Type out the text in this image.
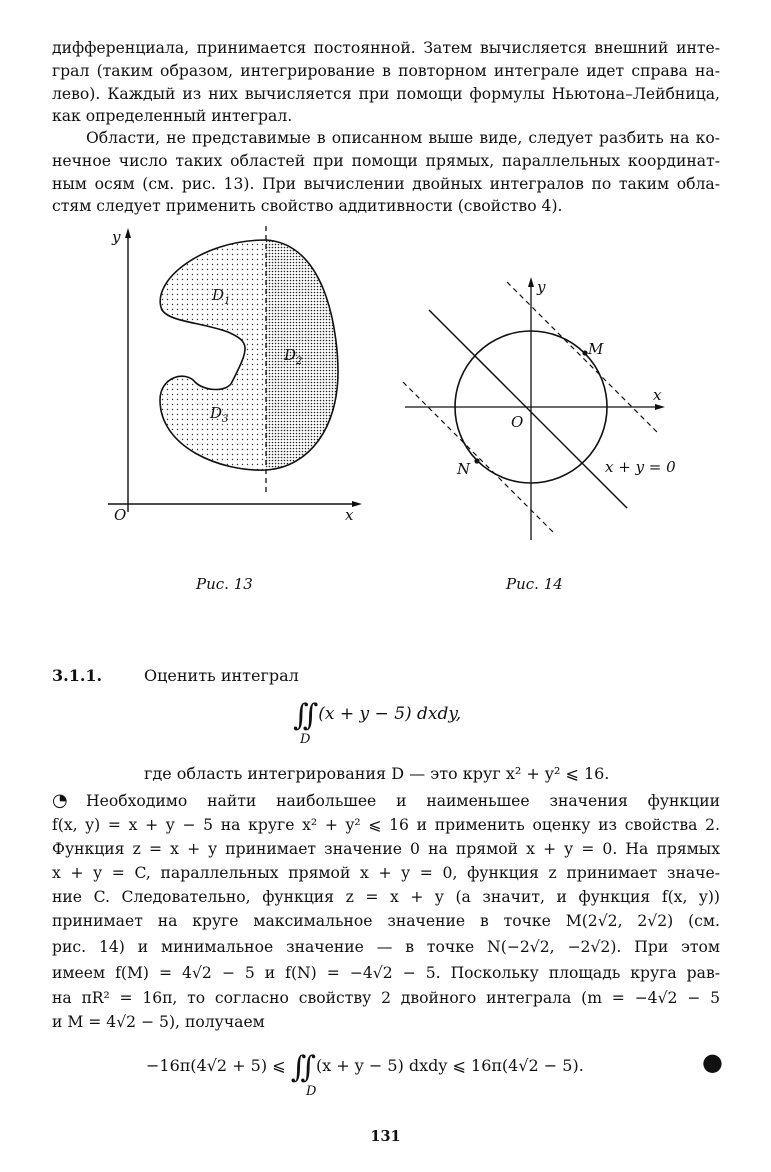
дифференциала, принимается постоянной. Затем вычисляется внешний инте-
грал (таким образом, интегрирование в повторном интеграле идет справа на-
лево). Каждый из них вычисляется при помощи формулы Ньютона–Лейбница,
как определенный интеграл.
Области, не представимые в описанном выше виде, следует разбить на ко-
нечное число таких областей при помощи прямых, параллельных координат-
ным осям (см. рис. 13). При вычислении двойных интегралов по таким обла-
стям следует применить свойство аддитивности (свойство 4).
y
x
O
$D_1$
$D_2$
$D_3$
y
x
O
M
N	x + y = 0
Рис. 13	Рис. 14
3.1.1.	Оценить интеграл
∫∫ (x + y − 5) dxdy,
D
где область интегрирования D — это круг x² + y² ⩽ 16.
◔ Необходимо найти наибольшее и наименьшее значения функции
f(x, y) = x + y − 5 на круге x² + y² ⩽ 16 и применить оценку из свойства 2.
Функция z = x + y принимает значение 0 на прямой x + y = 0. На прямых
x + y = C, параллельных прямой x + y = 0, функция z принимает значе-
ние C. Следовательно, функция z = x + y (а значит, и функция f(x, y))
принимает на круге максимальное значение в точке M(2√2, 2√2) (см.
рис. 14) и минимальное значение — в точке N(−2√2, −2√2). При этом
имеем f(M) = 4√2 − 5 и f(N) = −4√2 − 5. Поскольку площадь круга рав-
на πR² = 16π, то согласно свойству 2 двойного интеграла (m = −4√2 − 5
и M = 4√2 − 5), получаем
−16π(4√2 + 5) ⩽ ∫∫ (x + y − 5) dxdy ⩽ 16π(4√2 − 5).
D
●
131
